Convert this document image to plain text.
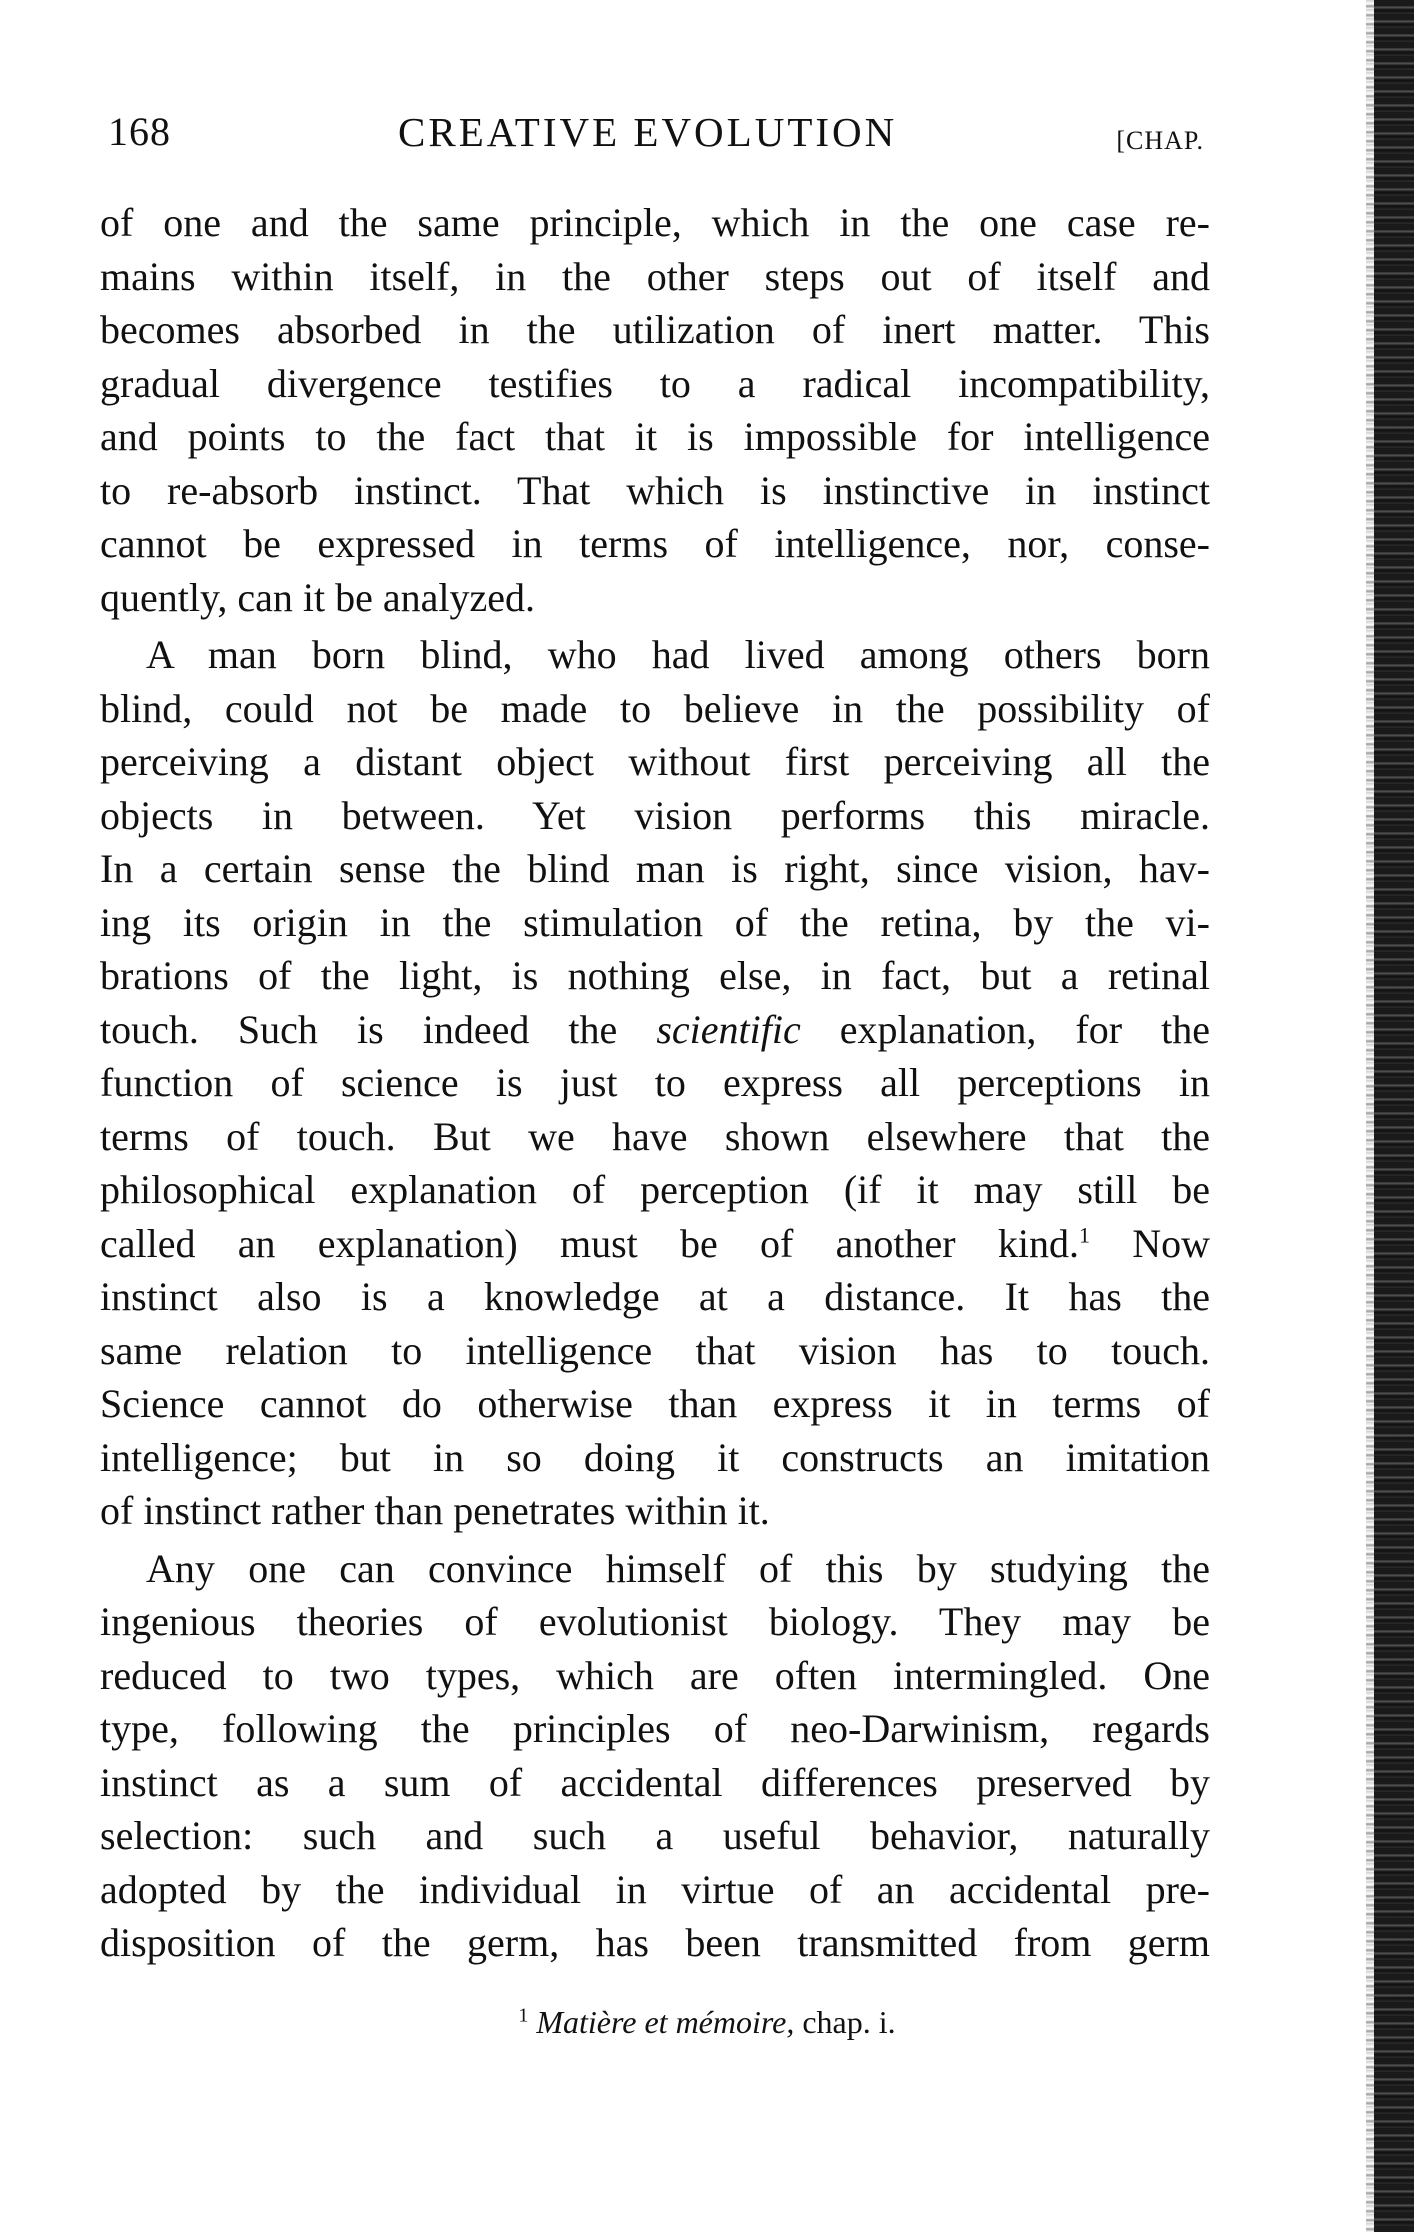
168	CREATIVE EVOLUTION	[CHAP.
of one and the same principle, which in the one case re-
mains within itself, in the other steps out of itself and
becomes absorbed in the utilization of inert matter. This
gradual divergence testifies to a radical incompatibility,
and points to the fact that it is impossible for intelligence
to re-absorb instinct. That which is instinctive in instinct
cannot be expressed in terms of intelligence, nor, conse-
quently, can it be analyzed.
A man born blind, who had lived among others born
blind, could not be made to believe in the possibility of
perceiving a distant object without first perceiving all the
objects in between. Yet vision performs this miracle.
In a certain sense the blind man is right, since vision, hav-
ing its origin in the stimulation of the retina, by the vi-
brations of the light, is nothing else, in fact, but a retinal
touch. Such is indeed the scientific explanation, for the
function of science is just to express all perceptions in
terms of touch. But we have shown elsewhere that the
philosophical explanation of perception (if it may still be
called an explanation) must be of another kind.$^1$ Now
instinct also is a knowledge at a distance. It has the
same relation to intelligence that vision has to touch.
Science cannot do otherwise than express it in terms of
intelligence; but in so doing it constructs an imitation
of instinct rather than penetrates within it.
Any one can convince himself of this by studying the
ingenious theories of evolutionist biology. They may be
reduced to two types, which are often intermingled. One
type, following the principles of neo-Darwinism, regards
instinct as a sum of accidental differences preserved by
selection: such and such a useful behavior, naturally
adopted by the individual in virtue of an accidental pre-
disposition of the germ, has been transmitted from germ
$^1$ Matière et mémoire, chap. i.
